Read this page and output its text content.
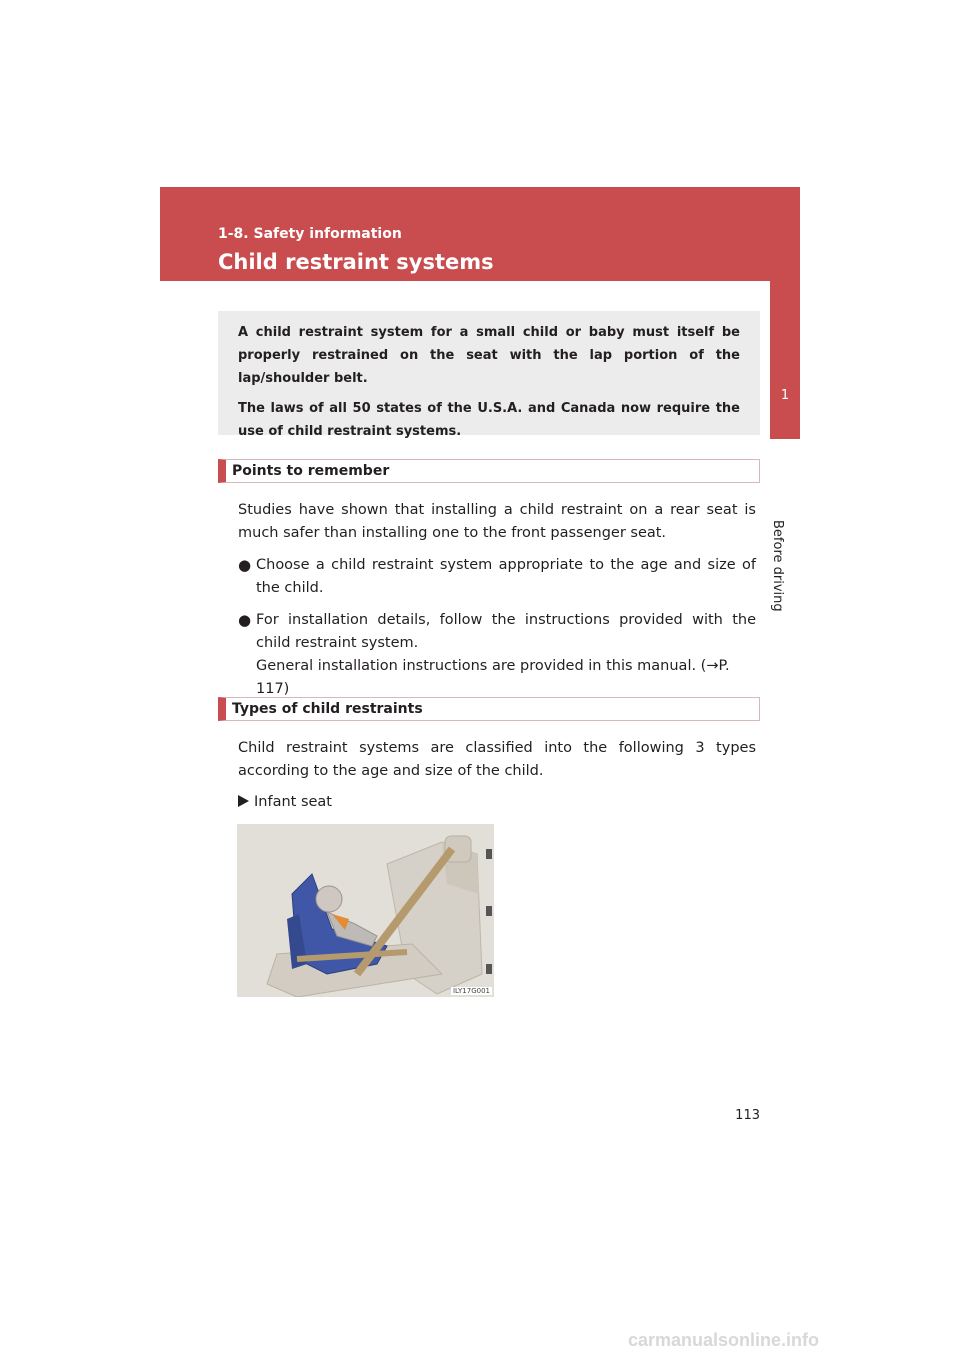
1-8. Safety information
Child restraint systems
1
Before driving

A child restraint system for a small child or baby must itself be properly restrained on the seat with the lap portion of the lap/shoulder belt.

The laws of all 50 states of the U.S.A. and Canada now require the use of child restraint systems.

Points to remember

Studies have shown that installing a child restraint on a rear seat is much safer than installing one to the front passenger seat.

● Choose a child restraint system appropriate to the age and size of the child.
● For installation details, follow the instructions provided with the child restraint system.
General installation instructions are provided in this manual. (→P. 117)
Types of child restraints

Child restraint systems are classified into the following 3 types according to the age and size of the child.

Infant seat
ILY17G001
113
carmanualsonline.info
